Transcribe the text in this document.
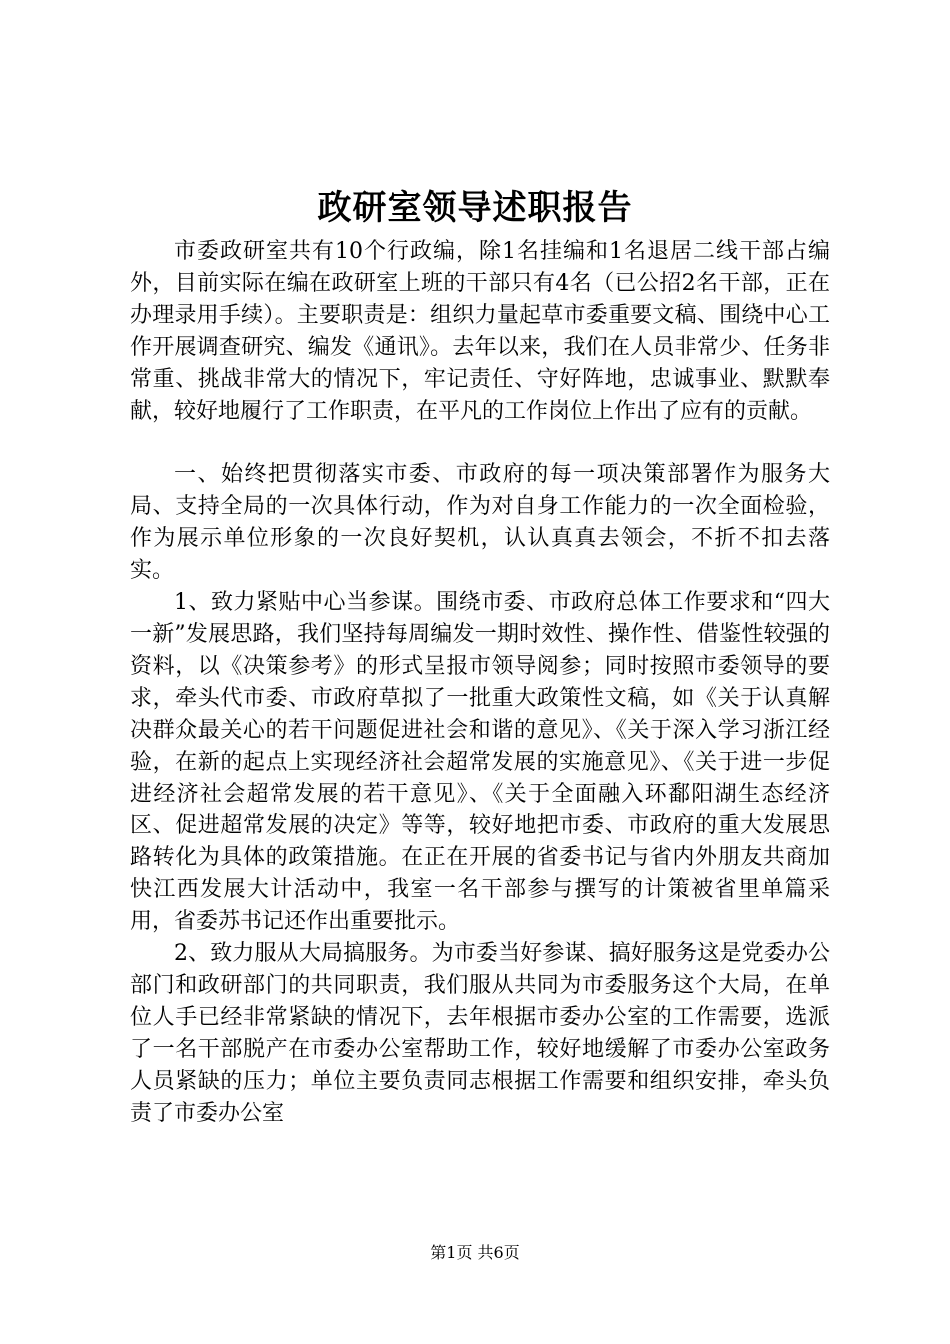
政研室领导述职报告

市委政研室共有10个行政编，除1名挂编和1名退居二线干部占编外，目前实际在编在政研室上班的干部只有4名（已公招2名干部，正在办理录用手续）。主要职责是：组织力量起草市委重要文稿、围绕中心工作开展调查研究、编发《通讯》。去年以来，我们在人员非常少、任务非常重、挑战非常大的情况下，牢记责任、守好阵地，忠诚事业、默默奉献，较好地履行了工作职责，在平凡的工作岗位上作出了应有的贡献。

一、始终把贯彻落实市委、市政府的每一项决策部署作为服务大局、支持全局的一次具体行动，作为对自身工作能力的一次全面检验，作为展示单位形象的一次良好契机，认认真真去领会，不折不扣去落实。

1、致力紧贴中心当参谋。围绕市委、市政府总体工作要求和“四大一新”发展思路，我们坚持每周编发一期时效性、操作性、借鉴性较强的资料，以《决策参考》的形式呈报市领导阅参；同时按照市委领导的要求，牵头代市委、市政府草拟了一批重大政策性文稿，如《关于认真解决群众最关心的若干问题促进社会和谐的意见》、《关于深入学习浙江经验，在新的起点上实现经济社会超常发展的实施意见》、《关于进一步促进经济社会超常发展的若干意见》、《关于全面融入环鄱阳湖生态经济区、促进超常发展的决定》等等，较好地把市委、市政府的重大发展思路转化为具体的政策措施。在正在开展的省委书记与省内外朋友共商加快江西发展大计活动中，我室一名干部参与撰写的计策被省里单篇采用，省委苏书记还作出重要批示。

2、致力服从大局搞服务。为市委当好参谋、搞好服务这是党委办公部门和政研部门的共同职责，我们服从共同为市委服务这个大局，在单位人手已经非常紧缺的情况下，去年根据市委办公室的工作需要，选派了一名干部脱产在市委办公室帮助工作，较好地缓解了市委办公室政务人员紧缺的压力；单位主要负责同志根据工作需要和组织安排，牵头负责了市委办公室

第1页 共6页
